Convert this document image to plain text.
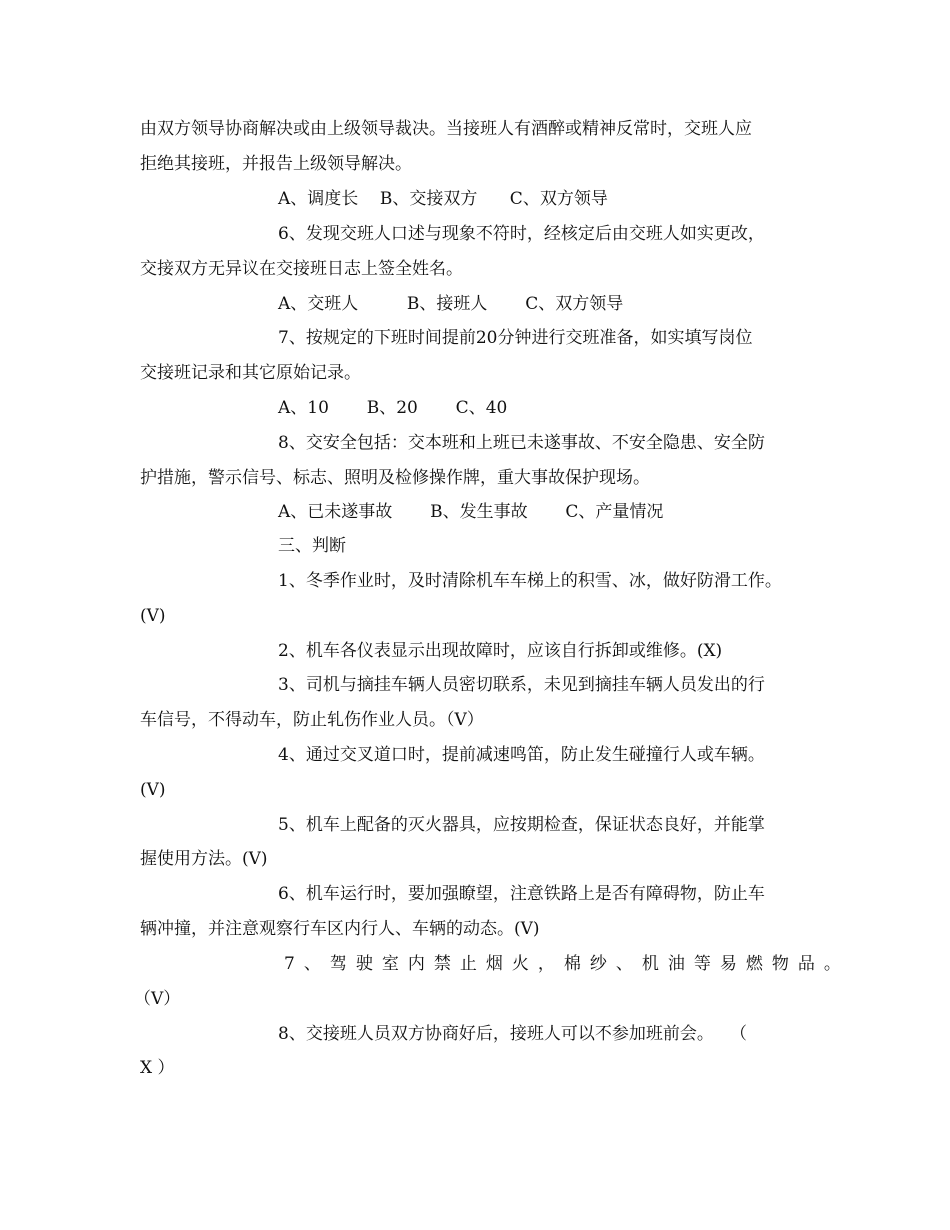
由双方领导协商解决或由上级领导裁决。当接班人有酒醉或精神反常时，交班人应
拒绝其接班，并报告上级领导解决。
A、调度长    B、交接双方      C、双方领导
6、发现交班人口述与现象不符时，经核定后由交班人如实更改，
交接双方无异议在交接班日志上签全姓名。
A、交班人         B、接班人       C、双方领导
7、按规定的下班时间提前20分钟进行交班准备，如实填写岗位
交接班记录和其它原始记录。
A、10       B、20       C、40
8、交安全包括：交本班和上班已未遂事故、不安全隐患、安全防
护措施，警示信号、标志、照明及检修操作牌，重大事故保护现场。
A、已未遂事故       B、发生事故       C、产量情况
三、判断
1、冬季作业时，及时清除机车车梯上的积雪、冰，做好防滑工作。
(V)
2、机车各仪表显示出现故障时，应该自行拆卸或维修。(X)
3、司机与摘挂车辆人员密切联系，未见到摘挂车辆人员发出的行
车信号，不得动车，防止轧伤作业人员。（V）
4、通过交叉道口时，提前减速鸣笛，防止发生碰撞行人或车辆。
(V)
5、机车上配备的灭火器具，应按期检查，保证状态良好，并能掌
握使用方法。(V)
6、机车运行时，要加强瞭望，注意铁路上是否有障碍物，防止车
辆冲撞，并注意观察行车区内行人、车辆的动态。(V)
7、驾驶室内禁止烟火，棉纱、机油等易燃物品。
（V）
8、交接班人员双方协商好后，接班人可以不参加班前会。   （
X ）
